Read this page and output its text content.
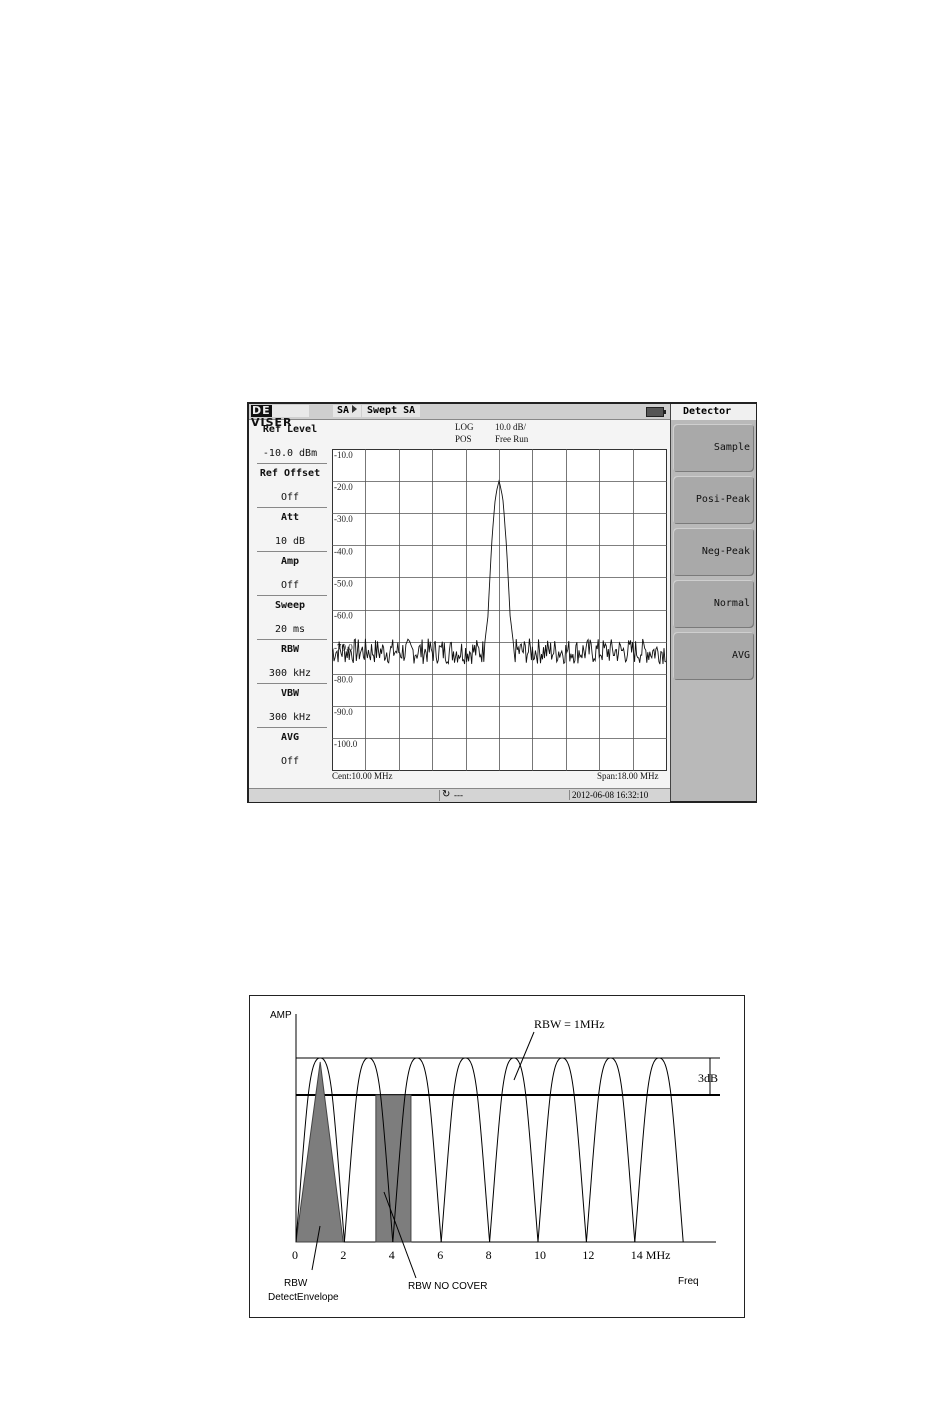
DEVISER
SA	Swept SA
Ref Level
-10.0 dBm
Ref Offset
Off
Att
10 dB
Amp
Off
Sweep
20 ms
RBW
300 kHz
VBW
300 kHz
AVG
Off
LOG
POS
10.0 dB/
Free Run
-10.0
-20.0
-30.0
-40.0
-50.0
-60.0
-70.0
-80.0
-90.0
-100.0
Cent:10.00 MHz	Span:18.00 MHz
↻ ---	2012-06-08 16:32:10
Detector
Sample
Posi-Peak
Neg-Peak
Normal
AVG
0	2	4	6	8	10	12	14 MHz
AMP
Freq
RBW = 1MHz
3dB
RBW
DetectEnvelope
RBW NO COVER
